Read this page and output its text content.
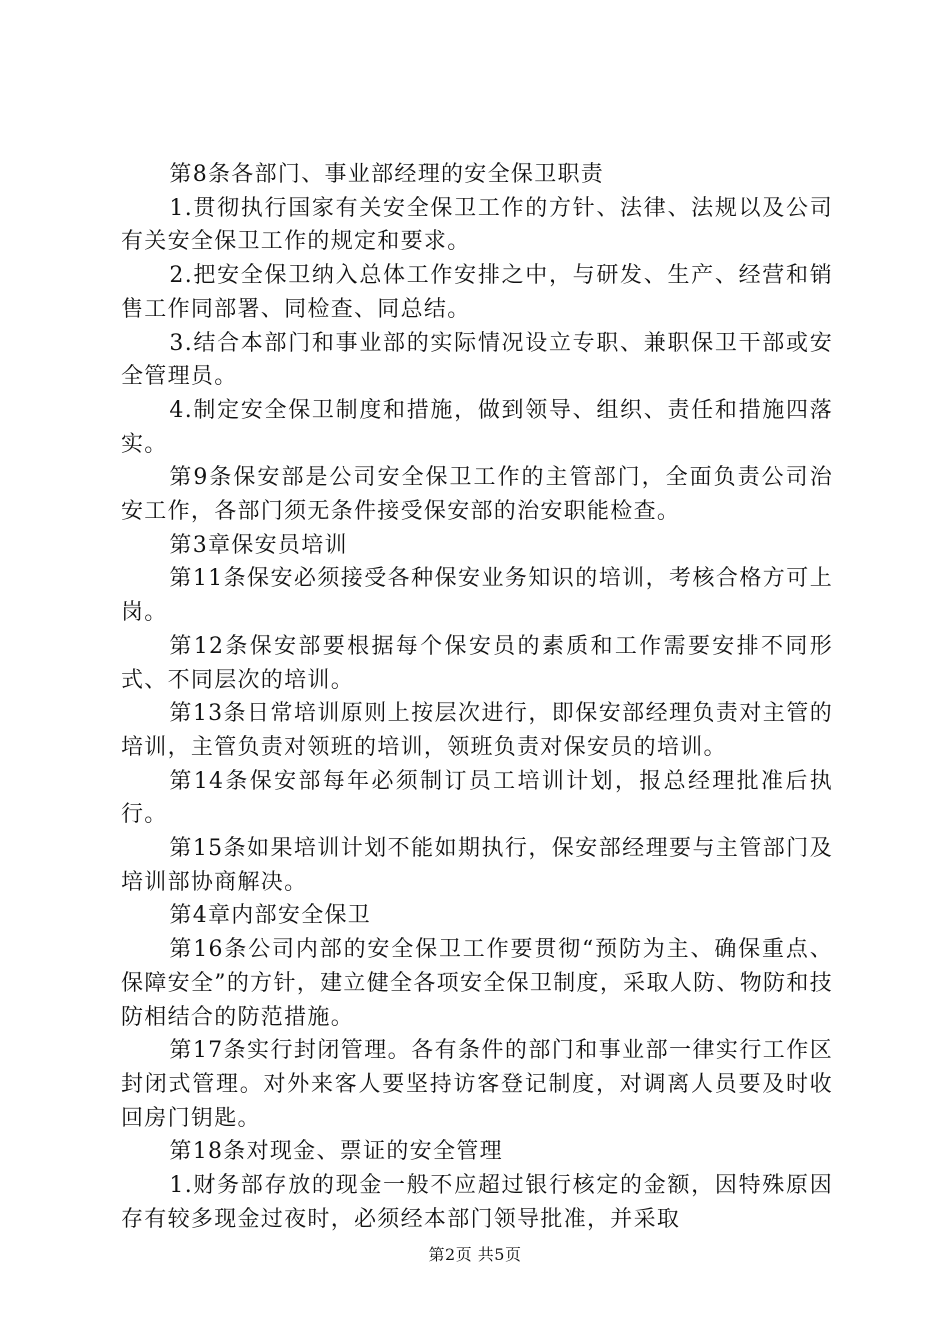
第8条各部门、事业部经理的安全保卫职责

1.贯彻执行国家有关安全保卫工作的方针、法律、法规以及公司有关安全保卫工作的规定和要求。

2.把安全保卫纳入总体工作安排之中，与研发、生产、经营和销售工作同部署、同检查、同总结。

3.结合本部门和事业部的实际情况设立专职、兼职保卫干部或安全管理员。

4.制定安全保卫制度和措施，做到领导、组织、责任和措施四落实。

第9条保安部是公司安全保卫工作的主管部门，全面负责公司治安工作，各部门须无条件接受保安部的治安职能检查。

第3章保安员培训

第11条保安必须接受各种保安业务知识的培训，考核合格方可上岗。

第12条保安部要根据每个保安员的素质和工作需要安排不同形式、不同层次的培训。

第13条日常培训原则上按层次进行，即保安部经理负责对主管的培训，主管负责对领班的培训，领班负责对保安员的培训。

第14条保安部每年必须制订员工培训计划，报总经理批准后执行。

第15条如果培训计划不能如期执行，保安部经理要与主管部门及培训部协商解决。

第4章内部安全保卫

第16条公司内部的安全保卫工作要贯彻“预防为主、确保重点、保障安全”的方针，建立健全各项安全保卫制度，采取人防、物防和技防相结合的防范措施。

第17条实行封闭管理。各有条件的部门和事业部一律实行工作区封闭式管理。对外来客人要坚持访客登记制度，对调离人员要及时收回房门钥匙。

第18条对现金、票证的安全管理

1.财务部存放的现金一般不应超过银行核定的金额，因特殊原因存有较多现金过夜时，必须经本部门领导批准，并采取

第2页 共5页
